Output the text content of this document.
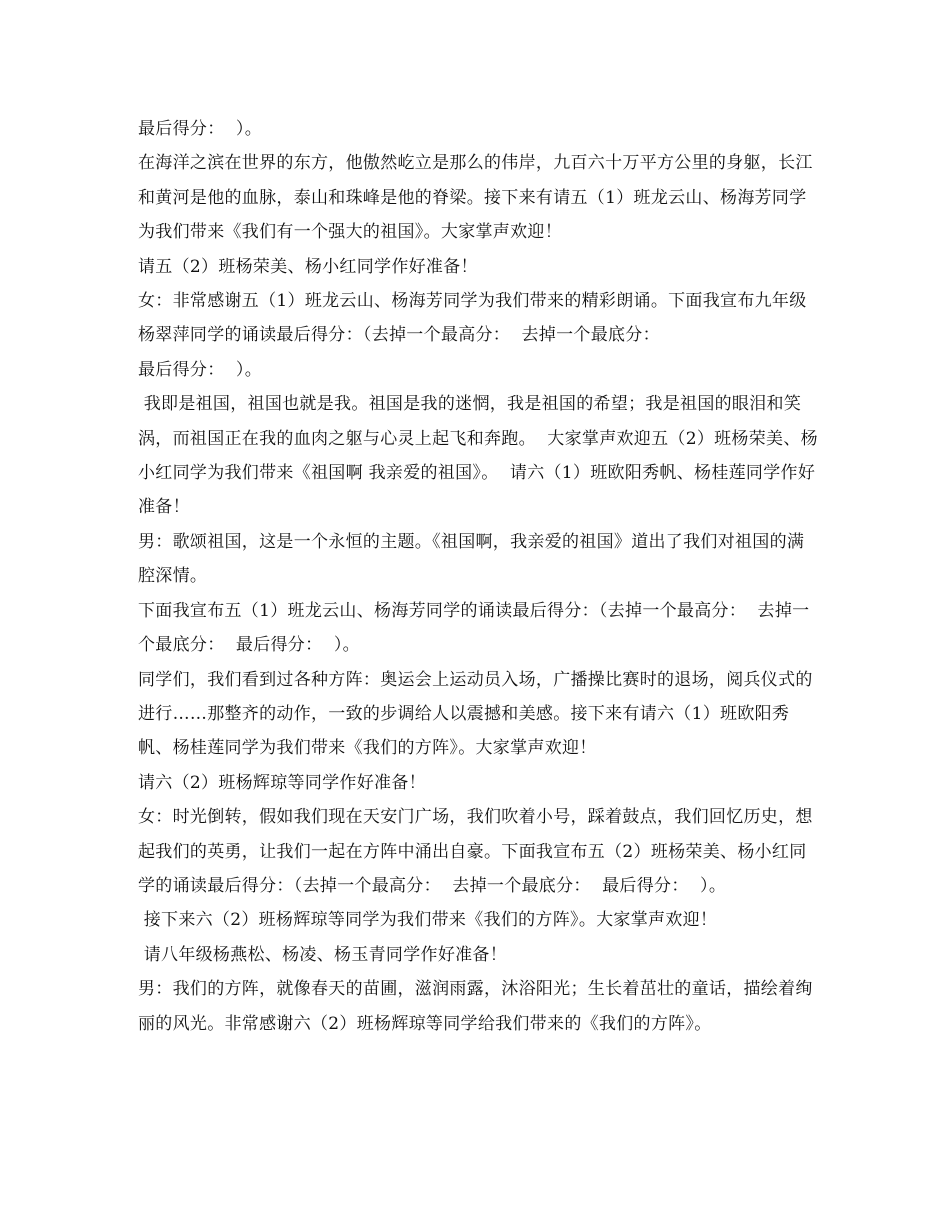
最后得分：  ）。

在海洋之滨在世界的东方，他傲然屹立是那么的伟岸，九百六十万平方公里的身躯，长江和黄河是他的血脉，泰山和珠峰是他的脊梁。接下来有请五（1）班龙云山、杨海芳同学为我们带来《我们有一个强大的祖国》。大家掌声欢迎！

请五（2）班杨荣美、杨小红同学作好准备！

女：非常感谢五（1）班龙云山、杨海芳同学为我们带来的精彩朗诵。下面我宣布九年级杨翠萍同学的诵读最后得分：（去掉一个最高分：  去掉一个最底分：

最后得分：  ）。

我即是祖国，祖国也就是我。祖国是我的迷惘，我是祖国的希望；我是祖国的眼泪和笑涡，而祖国正在我的血肉之躯与心灵上起飞和奔跑。  大家掌声欢迎五（2）班杨荣美、杨小红同学为我们带来《祖国啊 我亲爱的祖国》。  请六（1）班欧阳秀帆、杨桂莲同学作好准备！

男：歌颂祖国，这是一个永恒的主题。《祖国啊，我亲爱的祖国》道出了我们对祖国的满腔深情。

下面我宣布五（1）班龙云山、杨海芳同学的诵读最后得分：（去掉一个最高分：  去掉一个最底分：  最后得分：  ）。

同学们，我们看到过各种方阵：奥运会上运动员入场，广播操比赛时的退场，阅兵仪式的进行……那整齐的动作，一致的步调给人以震撼和美感。接下来有请六（1）班欧阳秀帆、杨桂莲同学为我们带来《我们的方阵》。大家掌声欢迎！

请六（2）班杨辉琼等同学作好准备！

女：时光倒转，假如我们现在天安门广场，我们吹着小号，踩着鼓点，我们回忆历史，想起我们的英勇，让我们一起在方阵中涌出自豪。下面我宣布五（2）班杨荣美、杨小红同学的诵读最后得分：（去掉一个最高分：  去掉一个最底分：  最后得分：  ）。

接下来六（2）班杨辉琼等同学为我们带来《我们的方阵》。大家掌声欢迎！

请八年级杨燕松、杨凌、杨玉青同学作好准备！

男：我们的方阵，就像春天的苗圃，滋润雨露，沐浴阳光；生长着茁壮的童话，描绘着绚丽的风光。非常感谢六（2）班杨辉琼等同学给我们带来的《我们的方阵》。
